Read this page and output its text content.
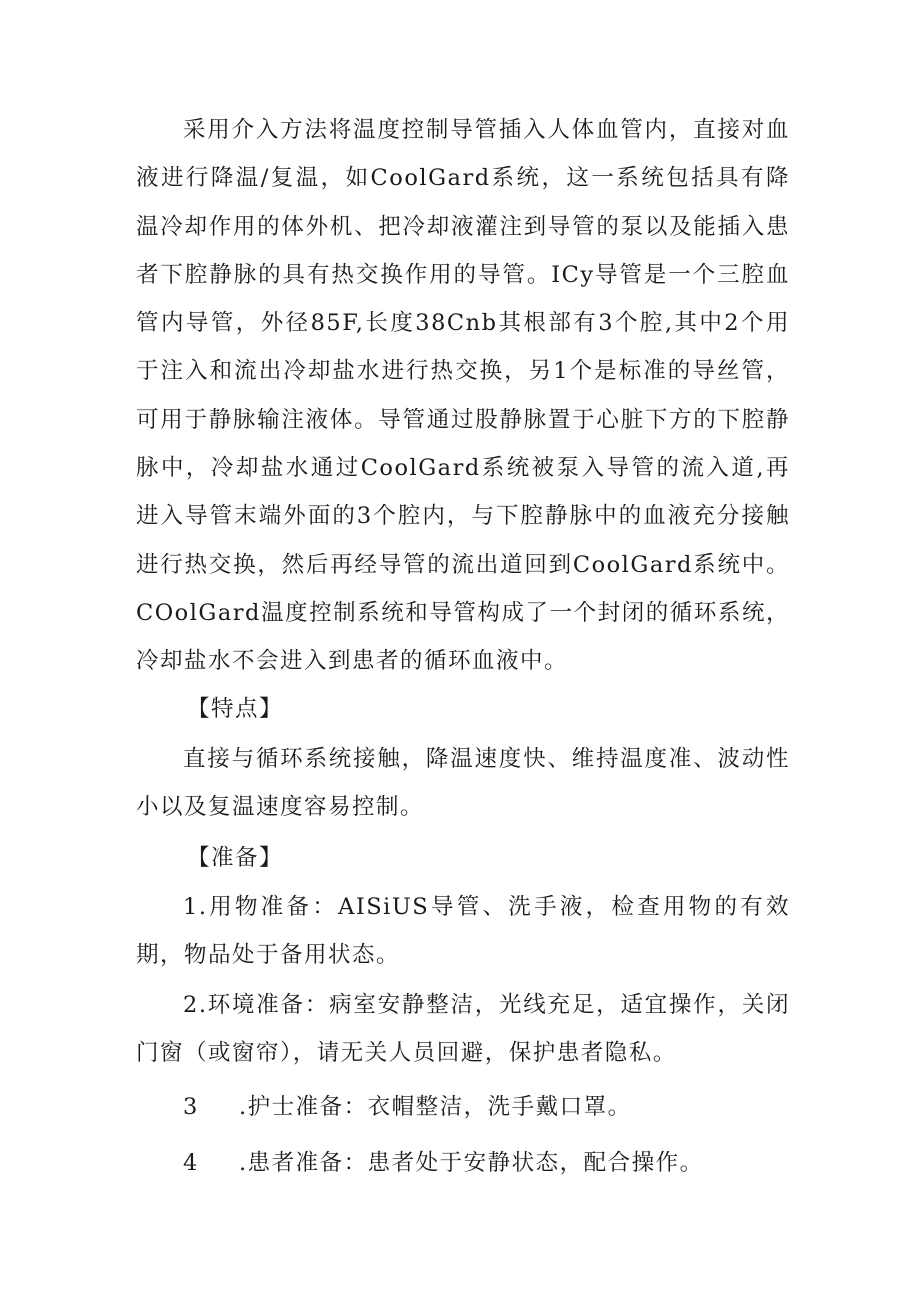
采用介入方法将温度控制导管插入人体血管内，直接对血液进行降温/复温，如CoolGard系统，这一系统包括具有降温冷却作用的体外机、把冷却液灌注到导管的泵以及能插入患者下腔静脉的具有热交换作用的导管。ICy导管是一个三腔血管内导管，外径85F,长度38Cnb其根部有3个腔,其中2个用于注入和流出冷却盐水进行热交换，另1个是标准的导丝管，可用于静脉输注液体。导管通过股静脉置于心脏下方的下腔静脉中，冷却盐水通过CoolGard系统被泵入导管的流入道,再进入导管末端外面的3个腔内，与下腔静脉中的血液充分接触进行热交换，然后再经导管的流出道回到CoolGard系统中。COolGard温度控制系统和导管构成了一个封闭的循环系统，冷却盐水不会进入到患者的循环血液中。

【特点】

直接与循环系统接触，降温速度快、维持温度准、波动性小以及复温速度容易控制。

【准备】

1.用物准备：AISiUS导管、洗手液，检查用物的有效期，物品处于备用状态。

2.环境准备：病室安静整洁，光线充足，适宜操作，关闭门窗（或窗帘），请无关人员回避，保护患者隐私。

3 .护士准备：衣帽整洁，洗手戴口罩。

4 .患者准备：患者处于安静状态，配合操作。
